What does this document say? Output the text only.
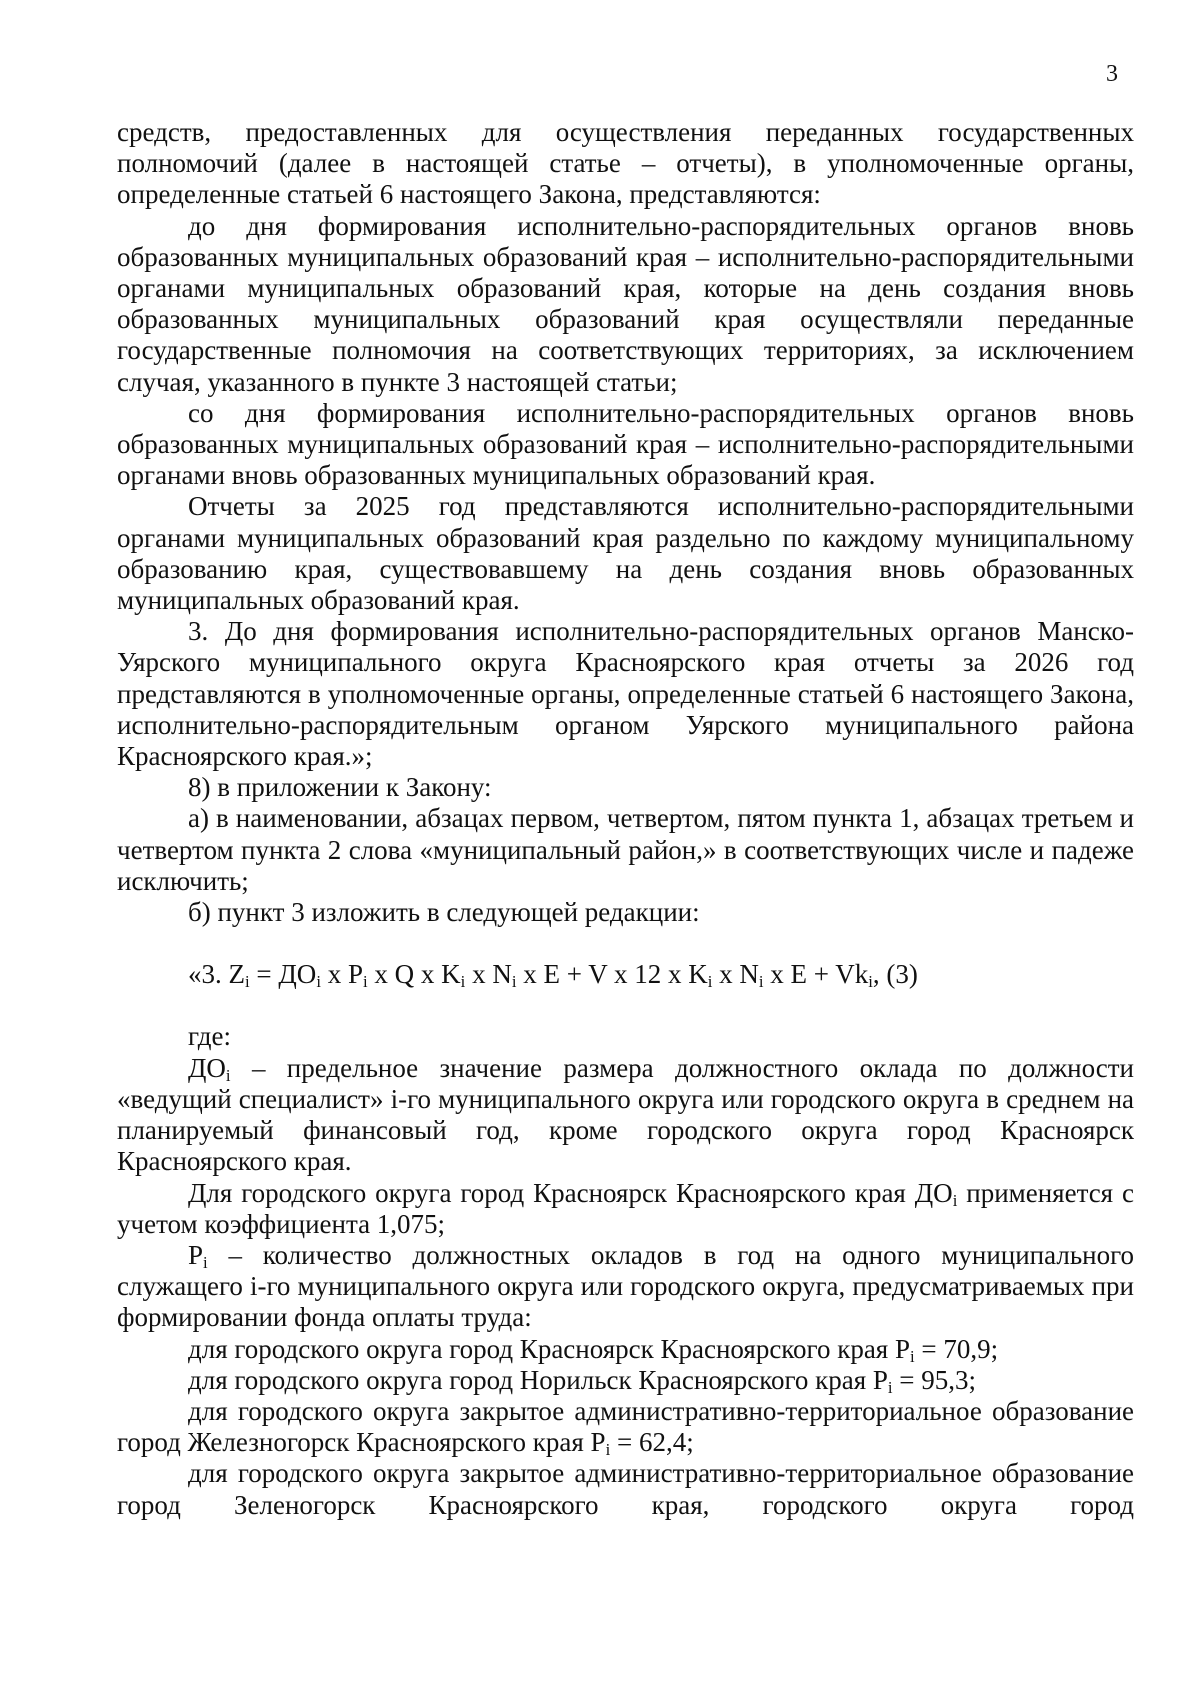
3

средств, предоставленных для осуществления переданных государственных полномочий (далее в настоящей статье – отчеты), в уполномоченные органы, определенные статьей 6 настоящего Закона, представляются:

до дня формирования исполнительно-распорядительных органов вновь образованных муниципальных образований края – исполнительно-распорядительными органами муниципальных образований края, которые на день создания вновь образованных муниципальных образований края осуществляли переданные государственные полномочия на соответствующих территориях, за исключением случая, указанного в пункте 3 настоящей статьи;

со дня формирования исполнительно-распорядительных органов вновь образованных муниципальных образований края – исполнительно-распорядительными органами вновь образованных муниципальных образований края.

Отчеты за 2025 год представляются исполнительно-распорядительными органами муниципальных образований края раздельно по каждому муниципальному образованию края, существовавшему на день создания вновь образованных муниципальных образований края.

3. До дня формирования исполнительно-распорядительных органов Манско-Уярского муниципального округа Красноярского края отчеты за 2026 год представляются в уполномоченные органы, определенные статьей 6 настоящего Закона, исполнительно-распорядительным органом Уярского муниципального района Красноярского края.»;

8) в приложении к Закону:

а) в наименовании, абзацах первом, четвертом, пятом пункта 1, абзацах третьем и четвертом пункта 2 слова «муниципальный район,» в соответствующих числе и падеже исключить;

б) пункт 3 изложить в следующей редакции:

«3. $Z_i = ДО_i$ x $P_i$ x Q x $K_i$ x $N_i$ x E + V x 12 x $K_i$ x $N_i$ x $E + Vk_i$, (3)

где:

$ДО_i$ – предельное значение размера должностного оклада по должности «ведущий специалист» i-го муниципального округа или городского округа в среднем на планируемый финансовый год, кроме городского округа город Красноярск Красноярского края.

Для городского округа город Красноярск Красноярского края $ДО_i$ применяется с учетом коэффициента 1,075;

$P_i$ – количество должностных окладов в год на одного муниципального служащего i-го муниципального округа или городского округа, предусматриваемых при формировании фонда оплаты труда:

для городского округа город Красноярск Красноярского края $P_i = 70,9$;

для городского округа город Норильск Красноярского края $P_i = 95,3$;

для городского округа закрытое административно-территориальное образование город Железногорск Красноярского края $P_i = 62,4$;

для городского округа закрытое административно-территориальное образование город Зеленогорск Красноярского края, городского округа город
